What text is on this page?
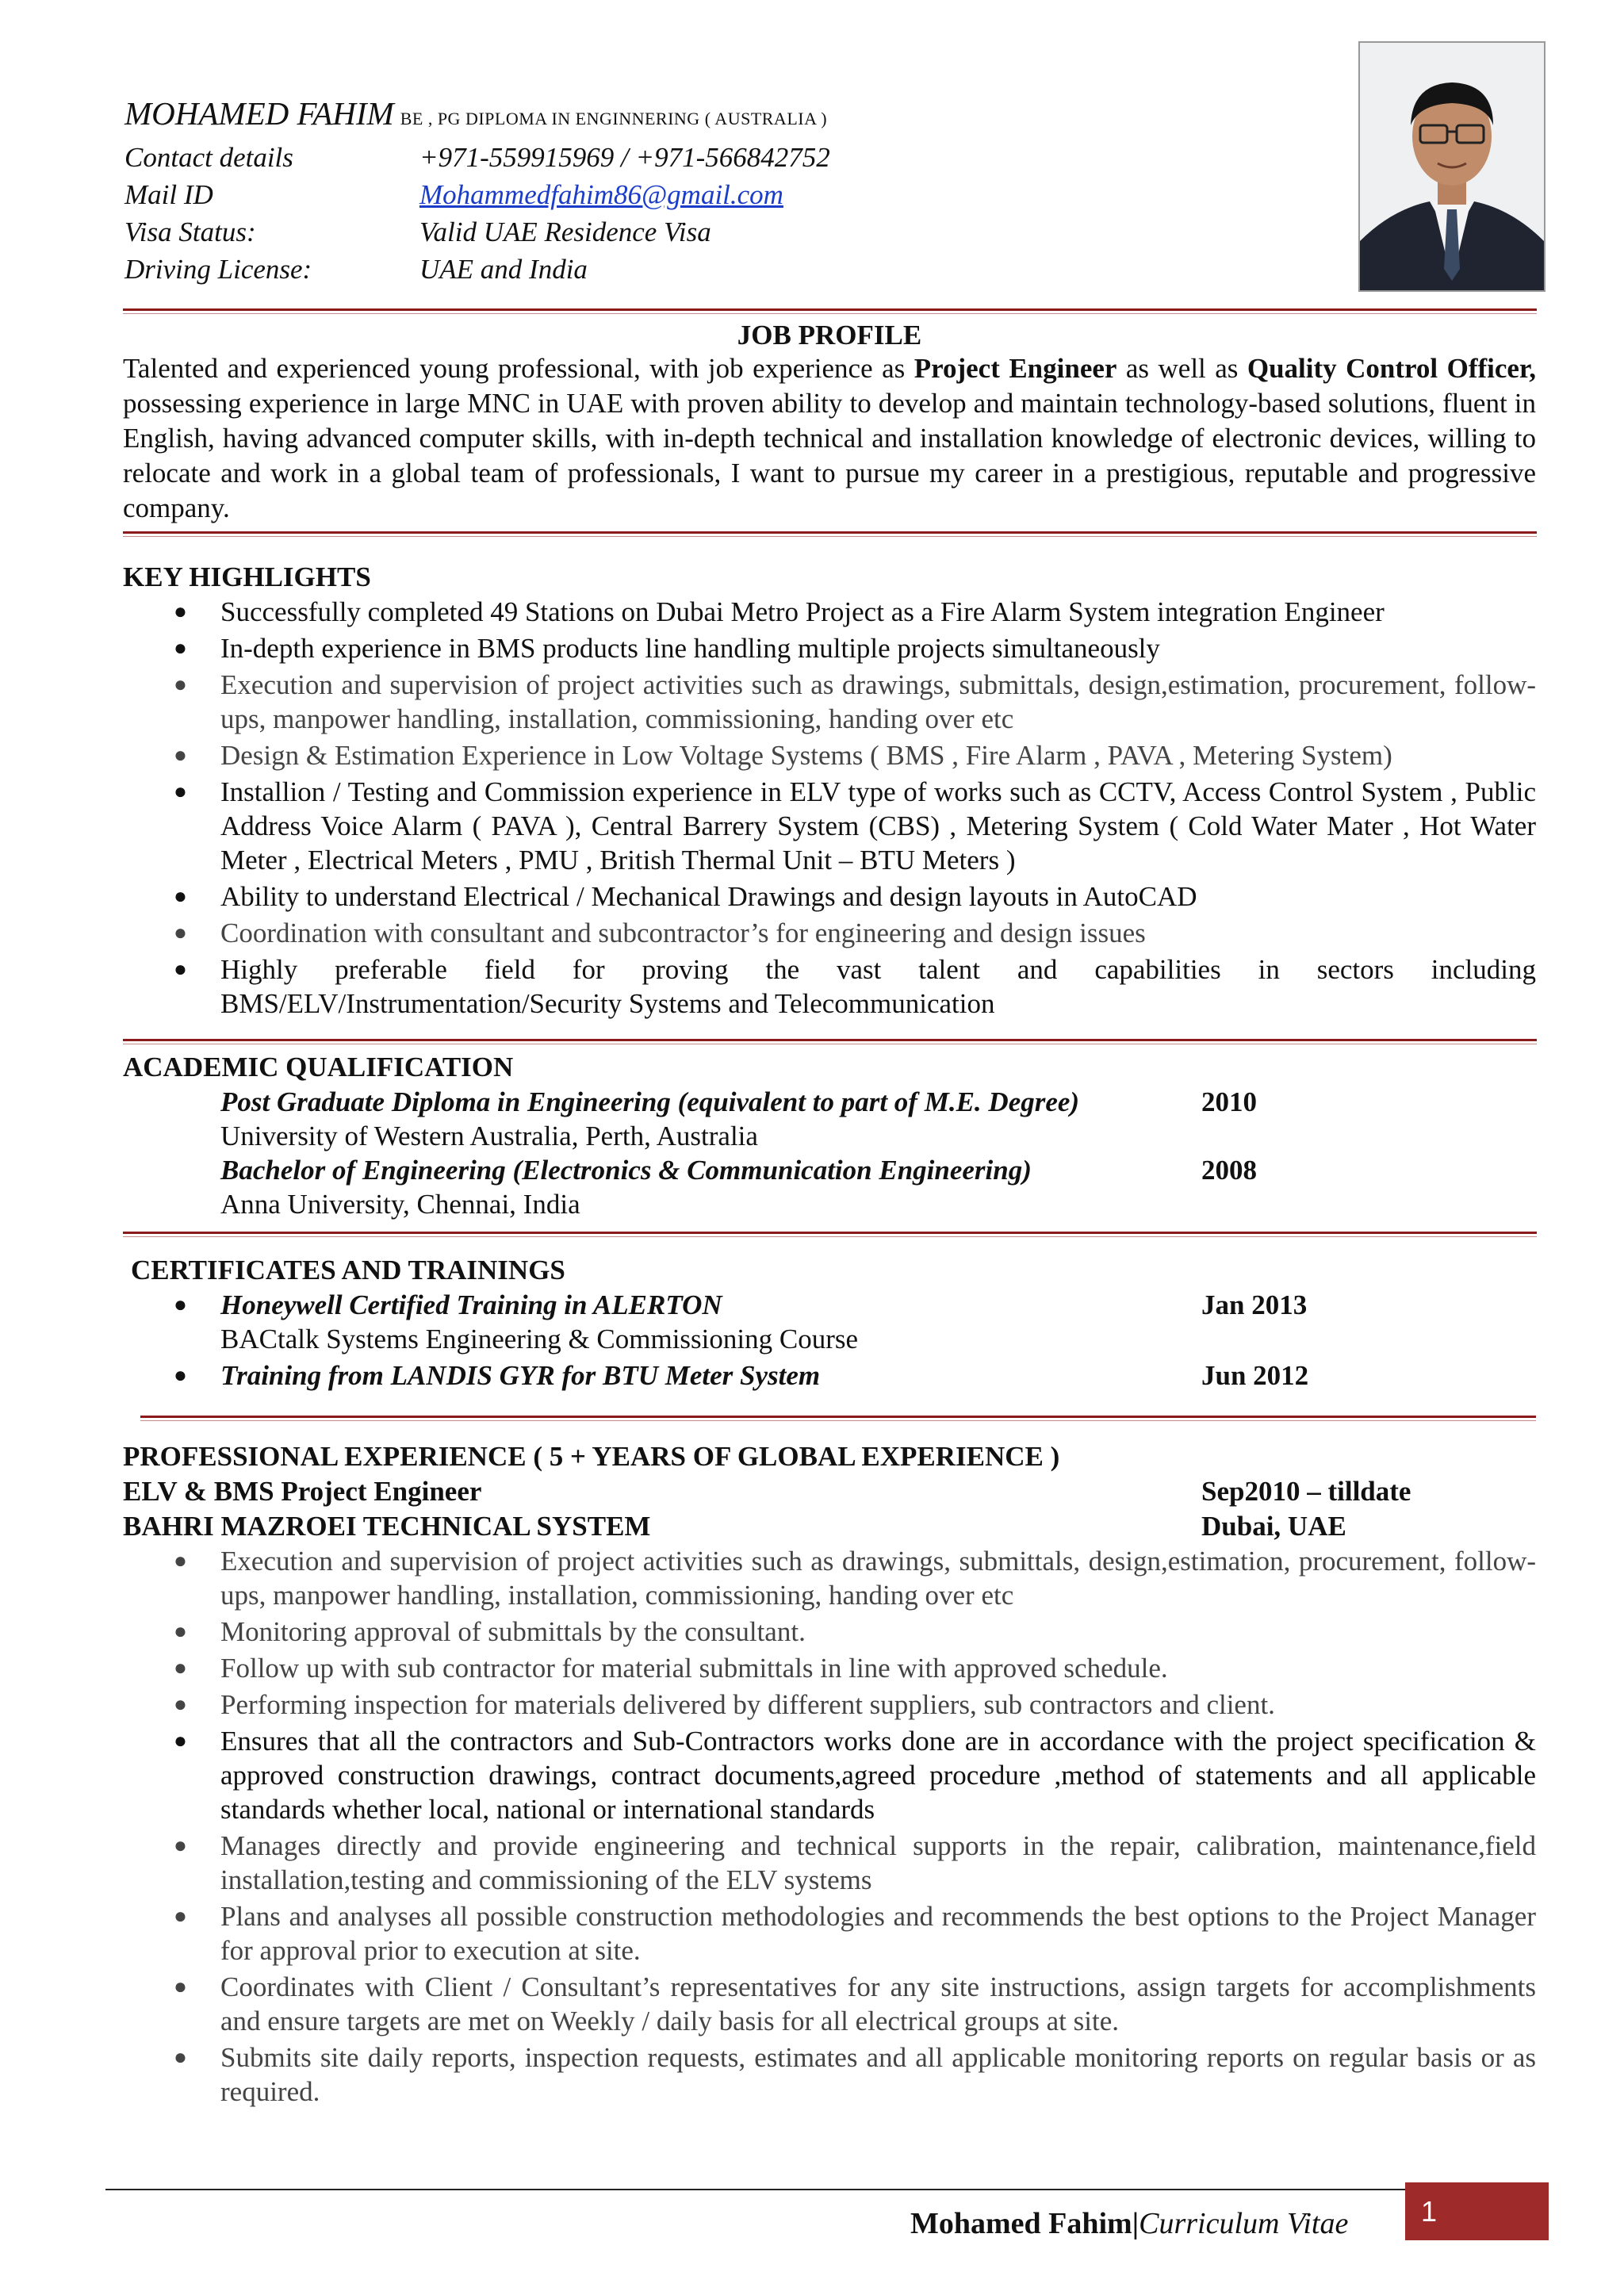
MOHAMED FAHIM BE , PG DIPLOMA IN ENGINNERING ( AUSTRALIA )
Contact details	+971-559915969 / +971-566842752
Mail ID	Mohammedfahim86@gmail.com
Visa Status:	Valid UAE Residence Visa
Driving License:	UAE and India
JOB PROFILE
Talented and experienced young professional, with job experience as Project Engineer as well as Quality Control Officer, possessing experience in large MNC in UAE with proven ability to develop and maintain technology-based solutions, fluent in English, having advanced computer skills, with in-depth technical and installation knowledge of electronic devices, willing to relocate and work in a global team of professionals, I want to pursue my career in a prestigious, reputable and progressive company.
KEY HIGHLIGHTS
● Successfully completed 49 Stations on Dubai Metro Project as a Fire Alarm System integration Engineer
● In-depth experience in BMS products line handling multiple projects simultaneously
● Execution and supervision of project activities such as drawings, submittals, design,estimation, procurement, follow-ups, manpower handling, installation, commissioning, handing over etc
● Design & Estimation Experience in Low Voltage Systems ( BMS , Fire Alarm , PAVA , Metering System)
● Installion / Testing and Commission experience in ELV type of works such as CCTV, Access Control System , Public Address Voice Alarm ( PAVA ), Central Barrery System (CBS) , Metering System ( Cold Water Mater , Hot Water Meter , Electrical Meters , PMU , British Thermal Unit – BTU Meters )
● Ability to understand Electrical / Mechanical Drawings and design layouts in AutoCAD
● Coordination with consultant and subcontractor’s for engineering and design issues
● Highly preferable field for proving the vast talent and capabilities in sectors including BMS/ELV/Instrumentation/Security Systems and Telecommunication
ACADEMIC QUALIFICATION
Post Graduate Diploma in Engineering (equivalent to part of M.E. Degree)	2010
University of Western Australia, Perth, Australia
Bachelor of Engineering (Electronics & Communication Engineering)	2008
Anna University, Chennai, India
CERTIFICATES AND TRAININGS
● Honeywell Certified Training in ALERTON	Jan 2013
BACtalk Systems Engineering & Commissioning Course
● Training from LANDIS GYR for BTU Meter System	Jun 2012
PROFESSIONAL EXPERIENCE ( 5 + YEARS OF GLOBAL EXPERIENCE )
ELV & BMS Project Engineer	Sep2010 – tilldate
BAHRI MAZROEI TECHNICAL SYSTEM	Dubai, UAE
● Execution and supervision of project activities such as drawings, submittals, design,estimation, procurement, follow-ups, manpower handling, installation, commissioning, handing over etc
● Monitoring approval of submittals by the consultant.
● Follow up with sub contractor for material submittals in line with approved schedule.
● Performing inspection for materials delivered by different suppliers, sub contractors and client.
● Ensures that all the contractors and Sub-Contractors works done are in accordance with the project specification & approved construction drawings, contract documents,agreed procedure ,method of statements and all applicable standards whether local, national or international standards
● Manages directly and provide engineering and technical supports in the repair, calibration, maintenance,field installation,testing and commissioning of the ELV systems
● Plans and analyses all possible construction methodologies and recommends the best options to the Project Manager for approval prior to execution at site.
● Coordinates with Client / Consultant’s representatives for any site instructions, assign targets for accomplishments and ensure targets are met on Weekly / daily basis for all electrical groups at site.
● Submits site daily reports, inspection requests, estimates and all applicable monitoring reports on regular basis or as required.
Mohamed Fahim|Curriculum Vitae	1
